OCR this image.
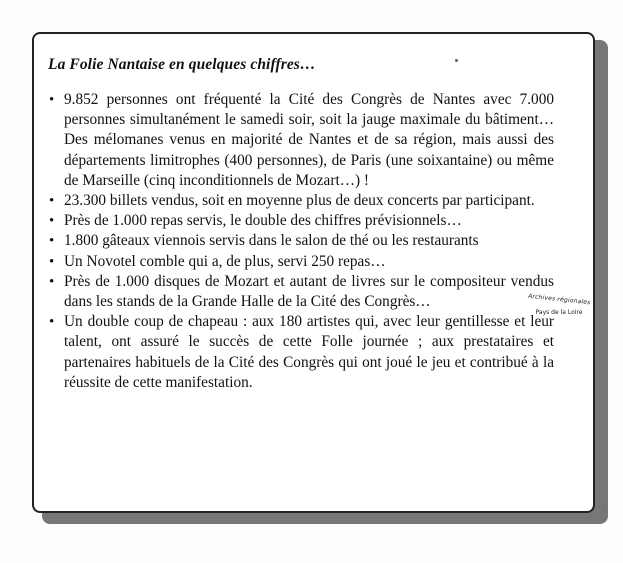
La Folie Nantaise en quelques chiffres…
• 9.852 personnes ont fréquenté la Cité des Congrès de Nantes avec 7.000 personnes simultanément le samedi soir, soit la jauge maximale du bâtiment… Des mélomanes venus en majorité de Nantes et de sa région, mais aussi des départements limitrophes (400 personnes), de Paris (une soixantaine) ou même de Marseille (cinq inconditionnels de Mozart…) !
• 23.300 billets vendus, soit en moyenne plus de deux concerts par participant.
• Près de 1.000 repas servis, le double des chiffres prévisionnels…
• 1.800 gâteaux viennois servis dans le salon de thé ou les restaurants
• Un Novotel comble qui a, de plus, servi 250 repas…
• Près de 1.000 disques de Mozart et autant de livres sur le compositeur vendus dans les stands de la Grande Halle de la Cité des Congrès…
• Un double coup de chapeau : aux 180 artistes qui, avec leur gentillesse et leur talent, ont assuré le succès de cette Folle journée ; aux prestataires et partenaires habituels de la Cité des Congrès qui ont joué le jeu et contribué à la réussite de cette manifestation.
Archives régionales
Pays de la Loire
